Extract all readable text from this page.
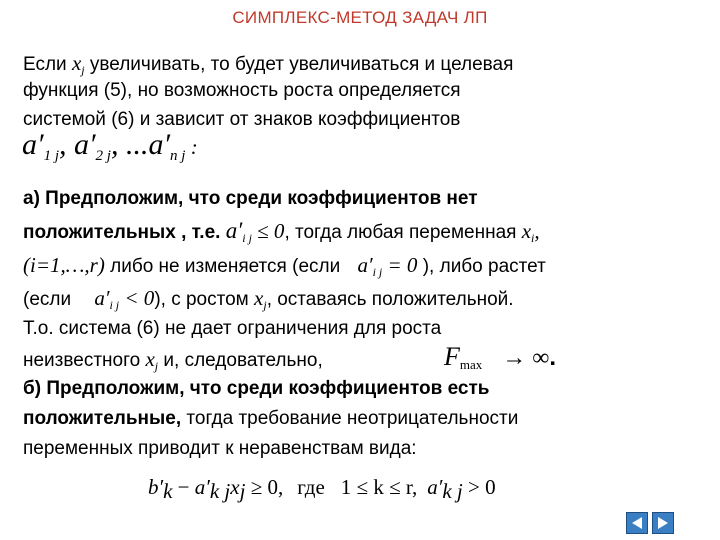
СИМПЛЕКС-МЕТОД ЗАДАЧ ЛП
Если $x_j$ увеличивать, то будет увеличиваться и целевая
функция (5), но возможность роста определяется
системой (6) и зависит от знаков коэффициентов
$a'_{1 j}$, $a'_{2 j}$, $...a'_{n j}$ :
а) Предположим, что среди коэффициентов нет
положительных , т.е. $a'_{i j} \le 0$, тогда любая переменная $x_i$,
(i=1,…,r) либо не изменяется (если $a'_{i j} = 0$ ), либо растет
(если $a'_{i j} < 0$), с ростом $x_j$, оставаясь положительной.
Т.о. система (6) не дает ограничения для роста
неизвестного $x_j$ и, следовательно,	$F_{max}$ → ∞.
б) Предположим, что среди коэффициентов есть
положительные, тогда требование неотрицательности
переменных приводит к неравенствам вида:
$b'_k - a'_{k j}x_j \ge 0$, где 1 ≤ k ≤ r, $a'_{k j} > 0$
